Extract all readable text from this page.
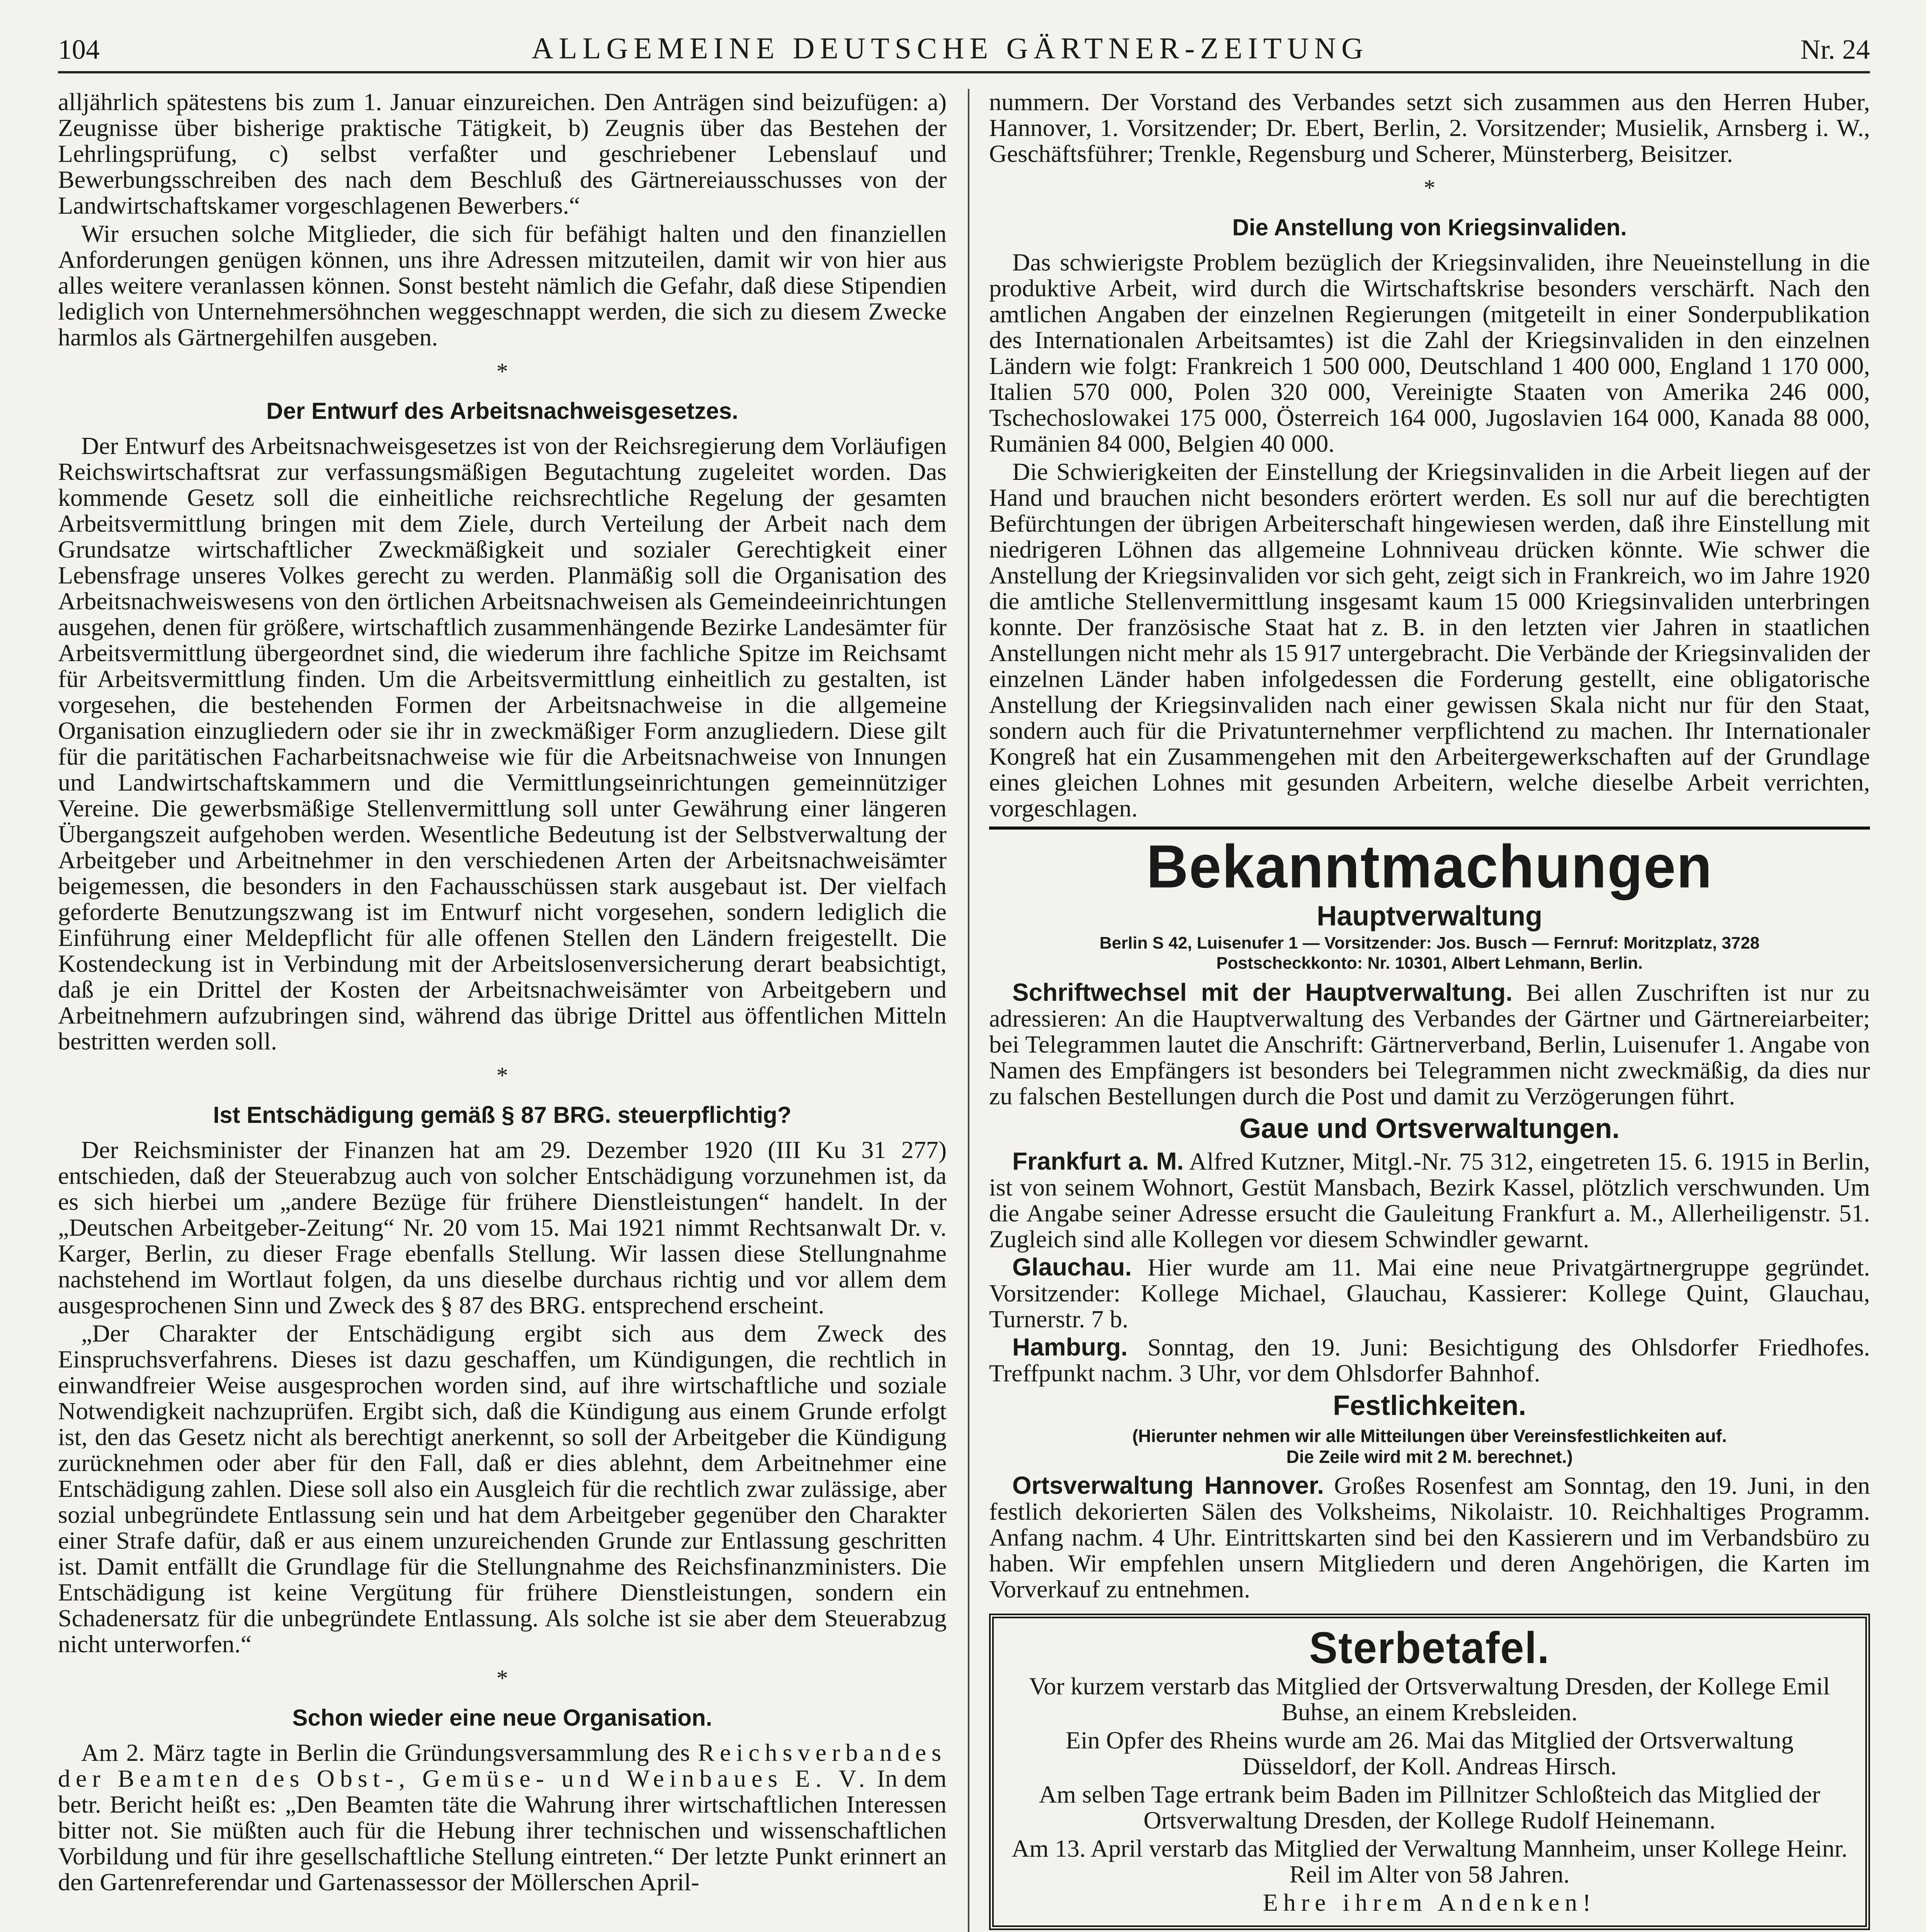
104	ALLGEMEINE DEUTSCHE GÄRTNER-ZEITUNG	Nr. 24

alljährlich spätestens bis zum 1. Januar einzureichen. Den Anträgen sind beizufügen: a) Zeugnisse über bisherige praktische Tätigkeit, b) Zeugnis über das Bestehen der Lehrlingsprüfung, c) selbst verfaßter und geschriebener Lebenslauf und Bewerbungsschreiben des nach dem Beschluß des Gärtnereiausschusses von der Landwirtschaftskamer vorgeschlagenen Bewerbers.“

Wir ersuchen solche Mitglieder, die sich für befähigt halten und den finanziellen Anforderungen genügen können, uns ihre Adressen mitzuteilen, damit wir von hier aus alles weitere veranlassen können. Sonst besteht nämlich die Gefahr, daß diese Stipendien lediglich von Unternehmersöhnchen weggeschnappt werden, die sich zu diesem Zwecke harmlos als Gärtnergehilfen ausgeben.

*
Der Entwurf des Arbeitsnachweisgesetzes.

Der Entwurf des Arbeitsnachweisgesetzes ist von der Reichsregierung dem Vorläufigen Reichswirtschaftsrat zur verfassungsmäßigen Begutachtung zugeleitet worden. Das kommende Gesetz soll die einheitliche reichsrechtliche Regelung der gesamten Arbeitsvermittlung bringen mit dem Ziele, durch Verteilung der Arbeit nach dem Grundsatze wirtschaftlicher Zweckmäßigkeit und sozialer Gerechtigkeit einer Lebensfrage unseres Volkes gerecht zu werden. Planmäßig soll die Organisation des Arbeitsnachweiswesens von den örtlichen Arbeitsnachweisen als Gemeindeeinrichtungen ausgehen, denen für größere, wirtschaftlich zusammenhängende Bezirke Landesämter für Arbeitsvermittlung übergeordnet sind, die wiederum ihre fachliche Spitze im Reichsamt für Arbeitsvermittlung finden. Um die Arbeitsvermittlung einheitlich zu gestalten, ist vorgesehen, die bestehenden Formen der Arbeitsnachweise in die allgemeine Organisation einzugliedern oder sie ihr in zweckmäßiger Form anzugliedern. Diese gilt für die paritätischen Facharbeitsnachweise wie für die Arbeitsnachweise von Innungen und Landwirtschaftskammern und die Vermittlungseinrichtungen gemeinnütziger Vereine. Die gewerbsmäßige Stellenvermittlung soll unter Gewährung einer längeren Übergangszeit aufgehoben werden. Wesentliche Bedeutung ist der Selbstverwaltung der Arbeitgeber und Arbeitnehmer in den verschiedenen Arten der Arbeitsnachweisämter beigemessen, die besonders in den Fachausschüssen stark ausgebaut ist. Der vielfach geforderte Benutzungszwang ist im Entwurf nicht vorgesehen, sondern lediglich die Einführung einer Meldepflicht für alle offenen Stellen den Ländern freigestellt. Die Kostendeckung ist in Verbindung mit der Arbeitslosenversicherung derart beabsichtigt, daß je ein Drittel der Kosten der Arbeitsnachweisämter von Arbeitgebern und Arbeitnehmern aufzubringen sind, während das übrige Drittel aus öffentlichen Mitteln bestritten werden soll.

*
Ist Entschädigung gemäß § 87 BRG. steuerpflichtig?

Der Reichsminister der Finanzen hat am 29. Dezember 1920 (III Ku 31 277) entschieden, daß der Steuerabzug auch von solcher Entschädigung vorzunehmen ist, da es sich hierbei um „andere Bezüge für frühere Dienstleistungen“ handelt. In der „Deutschen Arbeitgeber-Zeitung“ Nr. 20 vom 15. Mai 1921 nimmt Rechtsanwalt Dr. v. Karger, Berlin, zu dieser Frage ebenfalls Stellung. Wir lassen diese Stellungnahme nachstehend im Wortlaut folgen, da uns dieselbe durchaus richtig und vor allem dem ausgesprochenen Sinn und Zweck des § 87 des BRG. entsprechend erscheint.

„Der Charakter der Entschädigung ergibt sich aus dem Zweck des Einspruchsverfahrens. Dieses ist dazu geschaffen, um Kündigungen, die rechtlich in einwandfreier Weise ausgesprochen worden sind, auf ihre wirtschaftliche und soziale Notwendigkeit nachzuprüfen. Ergibt sich, daß die Kündigung aus einem Grunde erfolgt ist, den das Gesetz nicht als berechtigt anerkennt, so soll der Arbeitgeber die Kündigung zurücknehmen oder aber für den Fall, daß er dies ablehnt, dem Arbeitnehmer eine Entschädigung zahlen. Diese soll also ein Ausgleich für die rechtlich zwar zulässige, aber sozial unbegründete Entlassung sein und hat dem Arbeitgeber gegenüber den Charakter einer Strafe dafür, daß er aus einem unzureichenden Grunde zur Entlassung geschritten ist. Damit entfällt die Grundlage für die Stellungnahme des Reichsfinanzministers. Die Entschädigung ist keine Vergütung für frühere Dienstleistungen, sondern ein Schadenersatz für die unbegründete Entlassung. Als solche ist sie aber dem Steuerabzug nicht unterworfen.“

*
Schon wieder eine neue Organisation.

Am 2. März tagte in Berlin die Gründungsversammlung des Reichsverbandes der Beamten des Obst-, Gemüse- und Weinbaues E. V. In dem betr. Bericht heißt es: „Den Beamten täte die Wahrung ihrer wirtschaftlichen Interessen bitter not. Sie müßten auch für die Hebung ihrer technischen und wissenschaftlichen Vorbildung und für ihre gesellschaftliche Stellung eintreten.“ Der letzte Punkt erinnert an den Gartenreferendar und Gartenassessor der Möllerschen April-

nummern. Der Vorstand des Verbandes setzt sich zusammen aus den Herren Huber, Hannover, 1. Vorsitzender; Dr. Ebert, Berlin, 2. Vorsitzender; Musielik, Arnsberg i. W., Geschäftsführer; Trenkle, Regensburg und Scherer, Münsterberg, Beisitzer.

*
Die Anstellung von Kriegsinvaliden.

Das schwierigste Problem bezüglich der Kriegsinvaliden, ihre Neueinstellung in die produktive Arbeit, wird durch die Wirtschaftskrise besonders verschärft. Nach den amtlichen Angaben der einzelnen Regierungen (mitgeteilt in einer Sonderpublikation des Internationalen Arbeitsamtes) ist die Zahl der Kriegsinvaliden in den einzelnen Ländern wie folgt: Frankreich 1 500 000, Deutschland 1 400 000, England 1 170 000, Italien 570 000, Polen 320 000, Vereinigte Staaten von Amerika 246 000, Tschechoslowakei 175 000, Österreich 164 000, Jugoslavien 164 000, Kanada 88 000, Rumänien 84 000, Belgien 40 000.

Die Schwierigkeiten der Einstellung der Kriegsinvaliden in die Arbeit liegen auf der Hand und brauchen nicht besonders erörtert werden. Es soll nur auf die berechtigten Befürchtungen der übrigen Arbeiterschaft hingewiesen werden, daß ihre Einstellung mit niedrigeren Löhnen das allgemeine Lohnniveau drücken könnte. Wie schwer die Anstellung der Kriegsinvaliden vor sich geht, zeigt sich in Frankreich, wo im Jahre 1920 die amtliche Stellenvermittlung insgesamt kaum 15 000 Kriegsinvaliden unterbringen konnte. Der französische Staat hat z. B. in den letzten vier Jahren in staatlichen Anstellungen nicht mehr als 15 917 untergebracht. Die Verbände der Kriegsinvaliden der einzelnen Länder haben infolgedessen die Forderung gestellt, eine obligatorische Anstellung der Kriegsinvaliden nach einer gewissen Skala nicht nur für den Staat, sondern auch für die Privatunternehmer verpflichtend zu machen. Ihr Internationaler Kongreß hat ein Zusammengehen mit den Arbeitergewerkschaften auf der Grundlage eines gleichen Lohnes mit gesunden Arbeitern, welche dieselbe Arbeit verrichten, vorgeschlagen.

Bekanntmachungen
Hauptverwaltung
Berlin S 42, Luisenufer 1 — Vorsitzender: Jos. Busch — Fernruf: Moritzplatz, 3728
Postscheckkonto: Nr. 10301, Albert Lehmann, Berlin.

Schriftwechsel mit der Hauptverwaltung. Bei allen Zuschriften ist nur zu adressieren: An die Hauptverwaltung des Verbandes der Gärtner und Gärtnereiarbeiter; bei Telegrammen lautet die Anschrift: Gärtnerverband, Berlin, Luisenufer 1. Angabe von Namen des Empfängers ist besonders bei Telegrammen nicht zweckmäßig, da dies nur zu falschen Bestellungen durch die Post und damit zu Verzögerungen führt.

Gaue und Ortsverwaltungen.

Frankfurt a. M. Alfred Kutzner, Mitgl.-Nr. 75 312, eingetreten 15. 6. 1915 in Berlin, ist von seinem Wohnort, Gestüt Mansbach, Bezirk Kassel, plötzlich verschwunden. Um die Angabe seiner Adresse ersucht die Gauleitung Frankfurt a. M., Allerheiligenstr. 51. Zugleich sind alle Kollegen vor diesem Schwindler gewarnt.

Glauchau. Hier wurde am 11. Mai eine neue Privatgärtnergruppe gegründet. Vorsitzender: Kollege Michael, Glauchau, Kassierer: Kollege Quint, Glauchau, Turnerstr. 7 b.

Hamburg. Sonntag, den 19. Juni: Besichtigung des Ohlsdorfer Friedhofes. Treffpunkt nachm. 3 Uhr, vor dem Ohlsdorfer Bahnhof.

Festlichkeiten.
(Hierunter nehmen wir alle Mitteilungen über Vereinsfestlichkeiten auf.
Die Zeile wird mit 2 M. berechnet.)

Ortsverwaltung Hannover. Großes Rosenfest am Sonntag, den 19. Juni, in den festlich dekorierten Sälen des Volksheims, Nikolaistr. 10. Reichhaltiges Programm. Anfang nachm. 4 Uhr. Eintrittskarten sind bei den Kassierern und im Verbandsbüro zu haben. Wir empfehlen unsern Mitgliedern und deren Angehörigen, die Karten im Vorverkauf zu entnehmen.

Sterbetafel.

Vor kurzem verstarb das Mitglied der Ortsverwaltung Dresden, der Kollege Emil Buhse, an einem Krebsleiden.

Ein Opfer des Rheins wurde am 26. Mai das Mitglied der Ortsverwaltung Düsseldorf, der Koll. Andreas Hirsch.

Am selben Tage ertrank beim Baden im Pillnitzer Schloßteich das Mitglied der Ortsverwaltung Dresden, der Kollege Rudolf Heinemann.

Am 13. April verstarb das Mitglied der Verwaltung Mannheim, unser Kollege Heinr. Reil im Alter von 58 Jahren.

Ehre ihrem Andenken!
